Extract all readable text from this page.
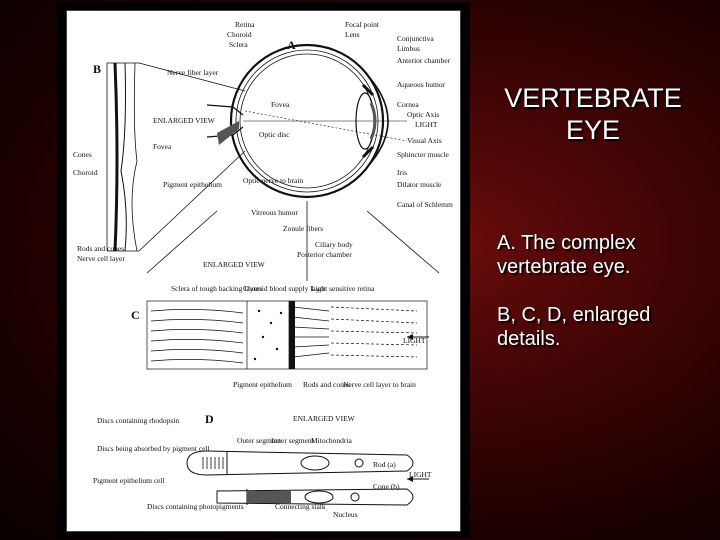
A
B
C
D
Retina
Choroid
Sclera
Focal point
Lens	Conjunctiva
Limbus
Anterior chamber
Aqueous humor
Cornea
Optic Axis
LIGHT
Visual Axis
Sphincter muscle
Iris
Dilator muscle
Canal of Schlemm
Fovea
Optic disc
Optic nerve to brain
Vitreous humor
Zonule fibers
Ciliary body
Posterior chamber
Nerve fiber layer
ENLARGED VIEW
Fovea
Cones
Choroid
Pigment epithelium
Rods and cones
Nerve cell layer
ENLARGED VIEW
Sclera of tough backing layers
Choroid blood supply layer
Light sensitive retina
LIGHT
Pigment epithelium Rods and cones
Nerve cell layer to brain
ENLARGED VIEW
Discs containing rhodopsin
Discs being absorbed by pigment cell
Pigment epithelium cell
Discs containing photopigments
Outer segment
Inner segment
Mitochondria
Rod (a)
LIGHT
Cone (b)
Connecting stalk
Nucleus
VERTEBRATE
EYE
A. The complex vertebrate eye.
B, C, D, enlarged details.
